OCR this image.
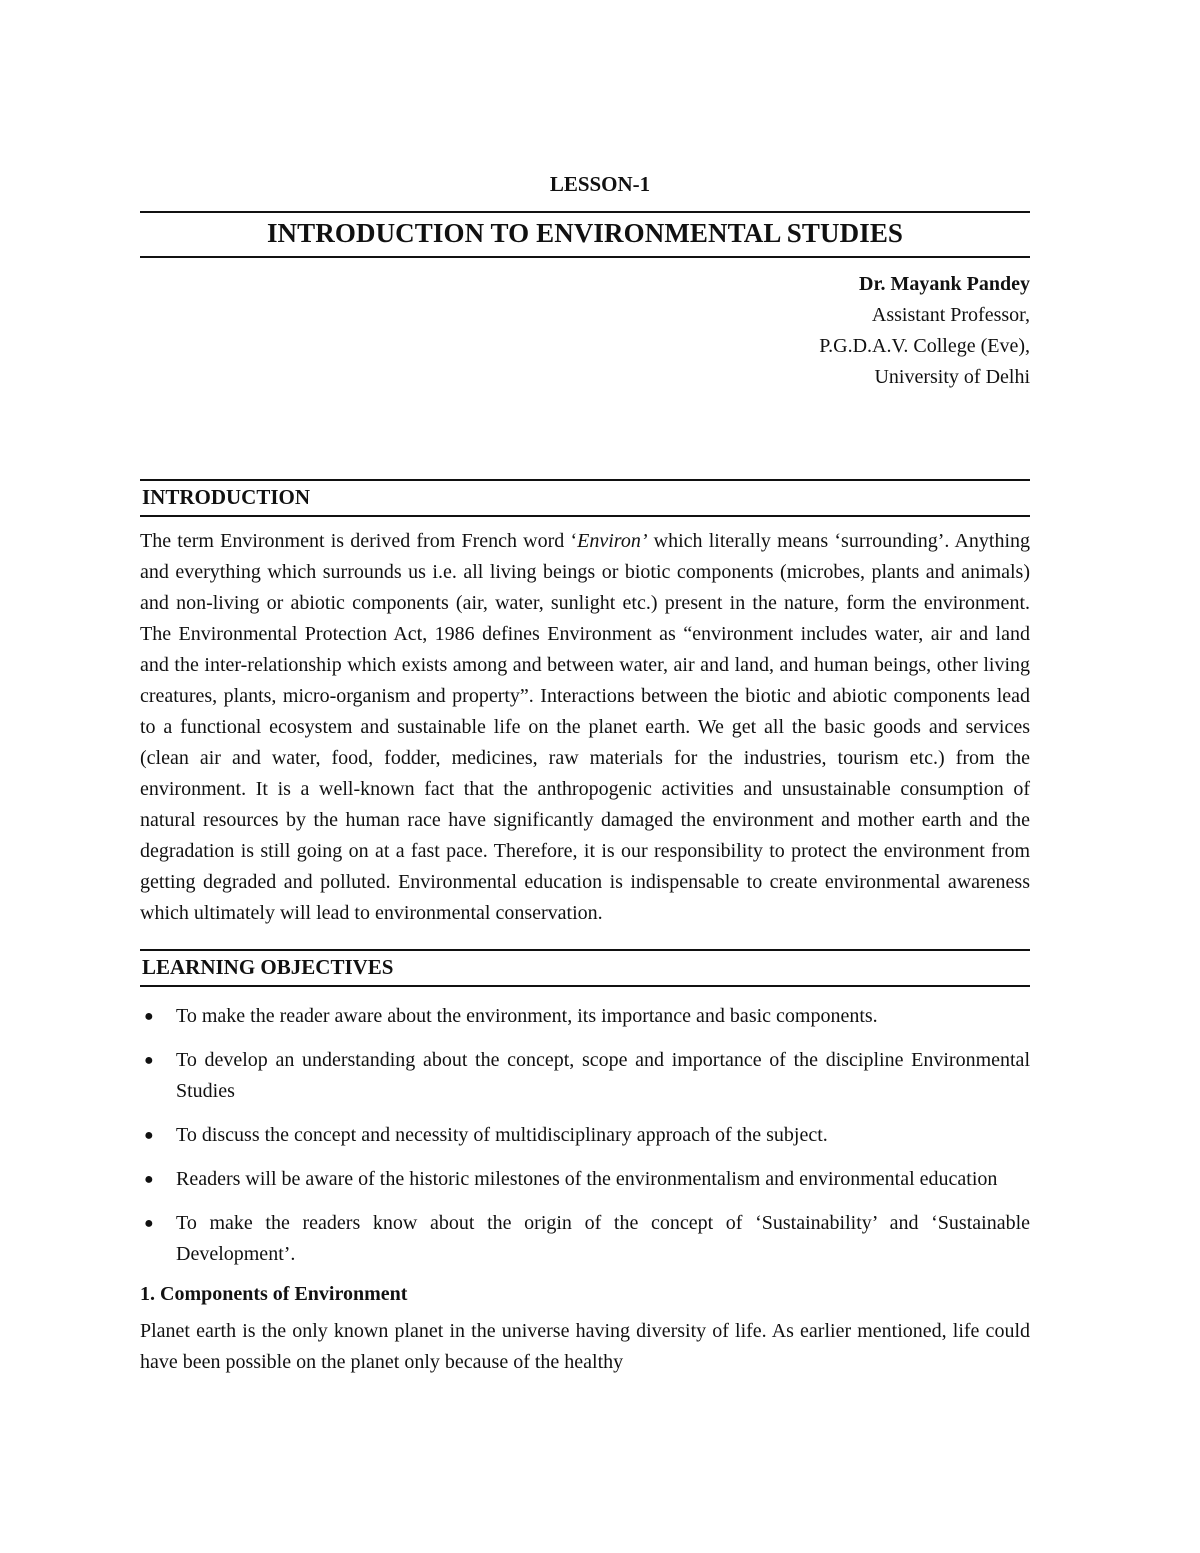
LESSON-1
INTRODUCTION TO ENVIRONMENTAL STUDIES
Dr. Mayank Pandey
Assistant Professor,
P.G.D.A.V. College (Eve),
University of Delhi
INTRODUCTION

The term Environment is derived from French word ‘Environ’ which literally means ‘surrounding’. Anything and everything which surrounds us i.e. all living beings or biotic components (microbes, plants and animals) and non-living or abiotic components (air, water, sunlight etc.) present in the nature, form the environment. The Environmental Protection Act, 1986 defines Environment as “environment includes water, air and land and the inter-relationship which exists among and between water, air and land, and human beings, other living creatures, plants, micro-organism and property”. Interactions between the biotic and abiotic components lead to a functional ecosystem and sustainable life on the planet earth. We get all the basic goods and services (clean air and water, food, fodder, medicines, raw materials for the industries, tourism etc.) from the environment. It is a well-known fact that the anthropogenic activities and unsustainable consumption of natural resources by the human race have significantly damaged the environment and mother earth and the degradation is still going on at a fast pace. Therefore, it is our responsibility to protect the environment from getting degraded and polluted. Environmental education is indispensable to create environmental awareness which ultimately will lead to environmental conservation.

LEARNING OBJECTIVES
● To make the reader aware about the environment, its importance and basic components.
● To develop an understanding about the concept, scope and importance of the discipline Environmental Studies
● To discuss the concept and necessity of multidisciplinary approach of the subject.
● Readers will be aware of the historic milestones of the environmentalism and environmental education
● To make the readers know about the origin of the concept of ‘Sustainability’ and ‘Sustainable Development’.
1. Components of Environment

Planet earth is the only known planet in the universe having diversity of life. As earlier mentioned, life could have been possible on the planet only because of the healthy
